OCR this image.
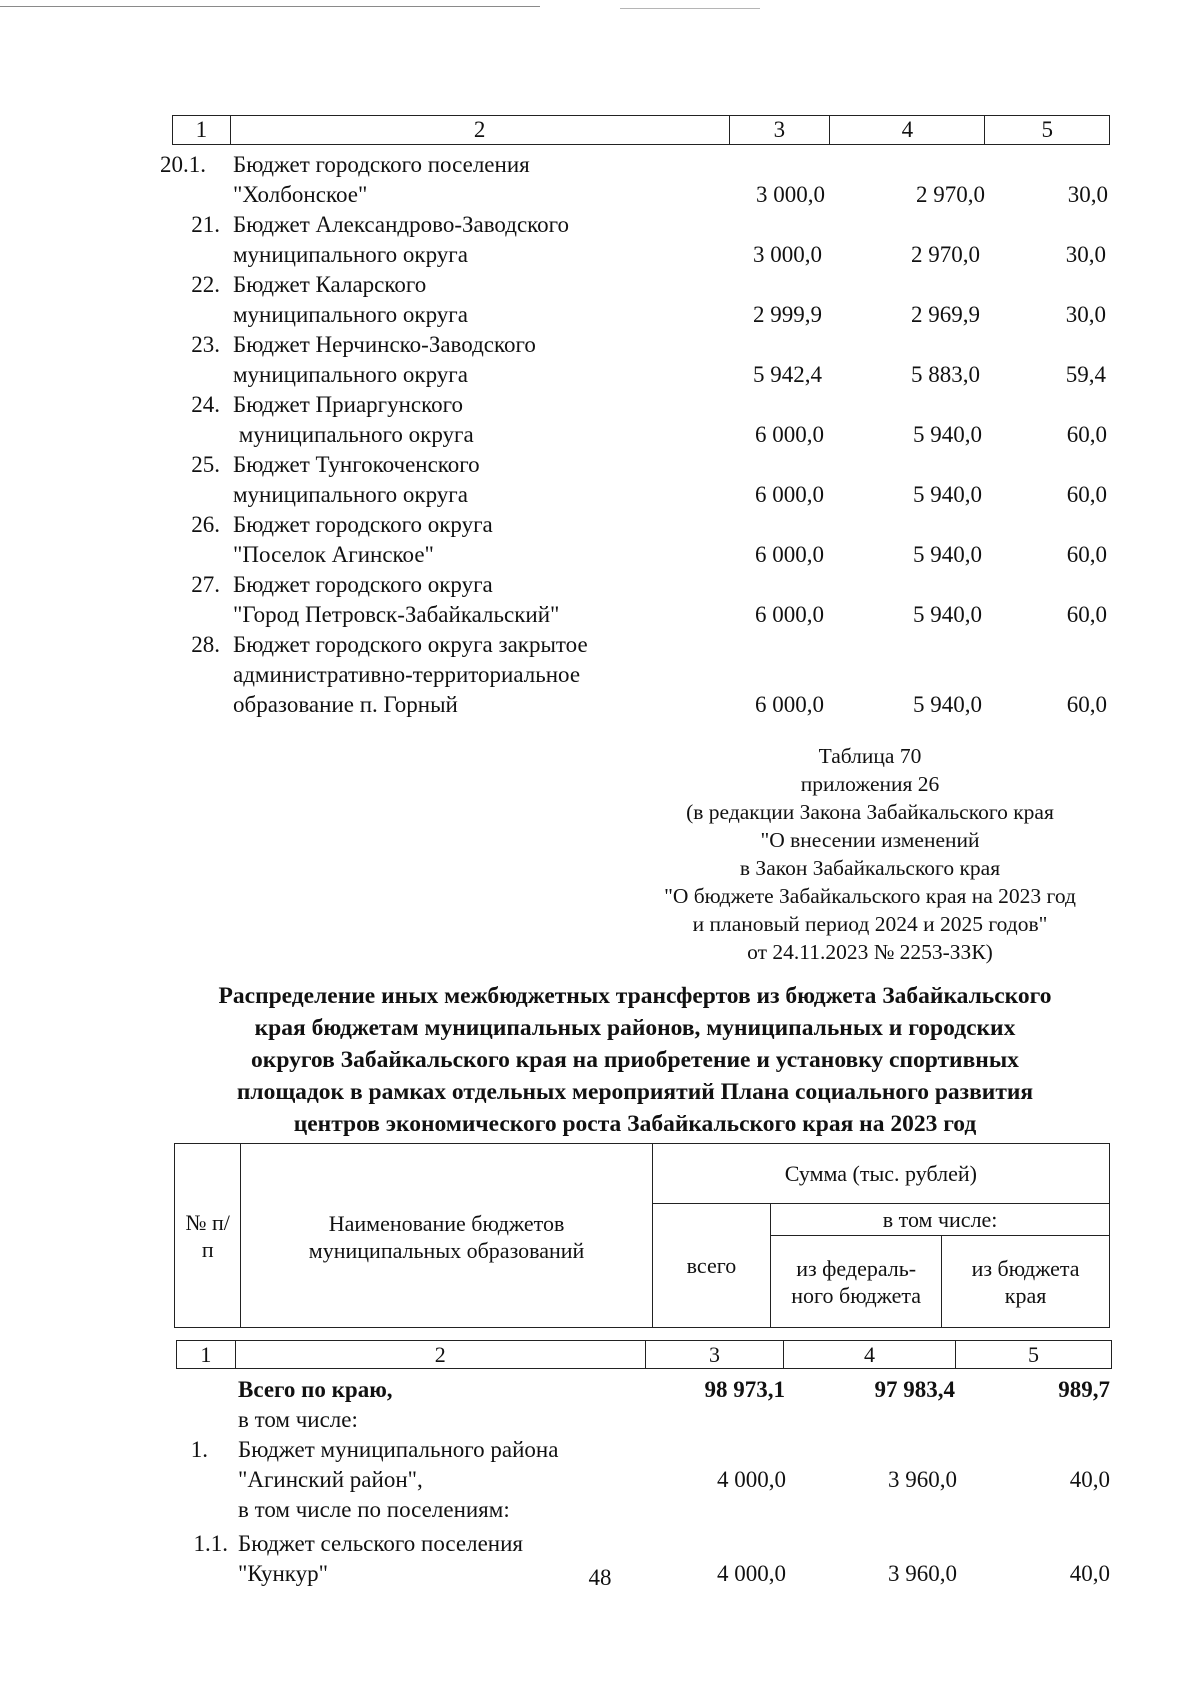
1	2	3	4	5
20.1.	Бюджет городского поселения
"Холбонское"	3 000,0	2 970,0	30,0
21. Бюджет Александрово-Заводского
муниципального округа	3 000,0	2 970,0	30,0
22. Бюджет Каларского
муниципального округа	2 999,9	2 969,9	30,0
23. Бюджет Нерчинско-Заводского
муниципального округа	5 942,4	5 883,0	59,4
24. Бюджет Приаргунского
муниципального округа	6 000,0	5 940,0	60,0
25. Бюджет Тунгокоченского
муниципального округа	6 000,0	5 940,0	60,0
26. Бюджет городского округа
"Поселок Агинское"	6 000,0	5 940,0	60,0
27. Бюджет городского округа
"Город Петровск-Забайкальский"	6 000,0	5 940,0	60,0
28. Бюджет городского округа закрытое
административно-территориальное
образование п. Горный	6 000,0	5 940,0	60,0
Таблица 70
приложения 26
(в редакции Закона Забайкальского края
"О внесении изменений
в Закон Забайкальского края
"О бюджете Забайкальского края на 2023 год
и плановый период 2024 и 2025 годов"
от 24.11.2023 № 2253-ЗЗК)
Распределение иных межбюджетных трансфертов из бюджета Забайкальского
края бюджетам муниципальных районов, муниципальных и городских
округов Забайкальского края на приобретение и установку спортивных
площадок в рамках отдельных мероприятий Плана социального развития
центров экономического роста Забайкальского края на 2023 год
№ п/п	Наименование бюджетов муниципальных образований	Сумма (тыс. рублей)		
		всего	в том числе:	
			из федераль-ного бюджета	из бюджета края
1	2	3	4	5
Всего по краю,	98 973,1	97 983,4	989,7
в том числе:
1. Бюджет муниципального района
"Агинский район",
в том числе по поселениям:
4 000,0	3 960,0	40,0
1.1. Бюджет сельского поселения
"Кункур"	4 000,0	3 960,0	40,0
48
